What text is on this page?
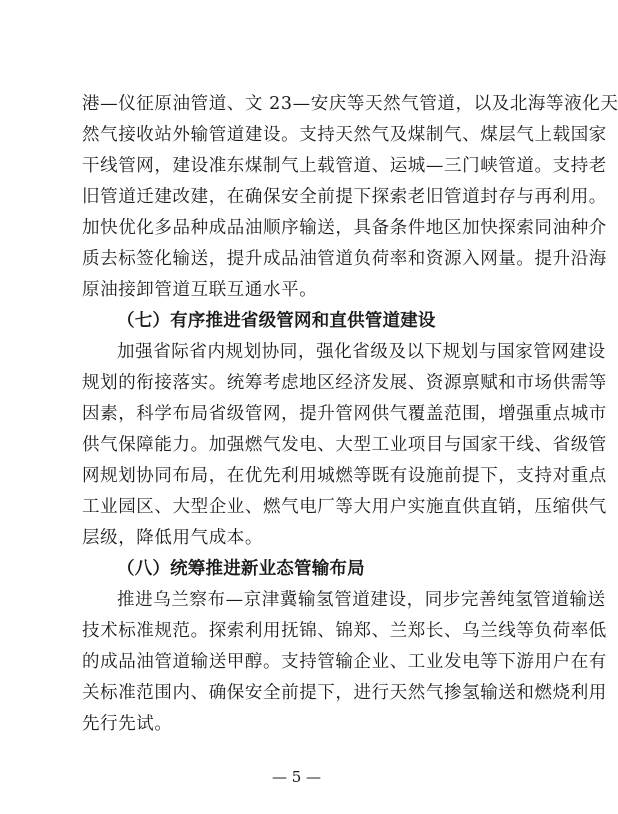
港—仪征原油管道、文 23—安庆等天然气管道，以及北海等液化天
然气接收站外输管道建设。支持天然气及煤制气、煤层气上载国家
干线管网，建设准东煤制气上载管道、运城—三门峡管道。支持老
旧管道迁建改建，在确保安全前提下探索老旧管道封存与再利用。
加快优化多品种成品油顺序输送，具备条件地区加快探索同油种介
质去标签化输送，提升成品油管道负荷率和资源入网量。提升沿海
原油接卸管道互联互通水平。
（七）有序推进省级管网和直供管道建设
加强省际省内规划协同，强化省级及以下规划与国家管网建设
规划的衔接落实。统筹考虑地区经济发展、资源禀赋和市场供需等
因素，科学布局省级管网，提升管网供气覆盖范围，增强重点城市
供气保障能力。加强燃气发电、大型工业项目与国家干线、省级管
网规划协同布局，在优先利用城燃等既有设施前提下，支持对重点
工业园区、大型企业、燃气电厂等大用户实施直供直销，压缩供气
层级，降低用气成本。
（八）统筹推进新业态管输布局
推进乌兰察布—京津冀输氢管道建设，同步完善纯氢管道输送
技术标准规范。探索利用抚锦、锦郑、兰郑长、乌兰线等负荷率低
的成品油管道输送甲醇。支持管输企业、工业发电等下游用户在有
关标准范围内、确保安全前提下，进行天然气掺氢输送和燃烧利用
先行先试。
— 5 —
